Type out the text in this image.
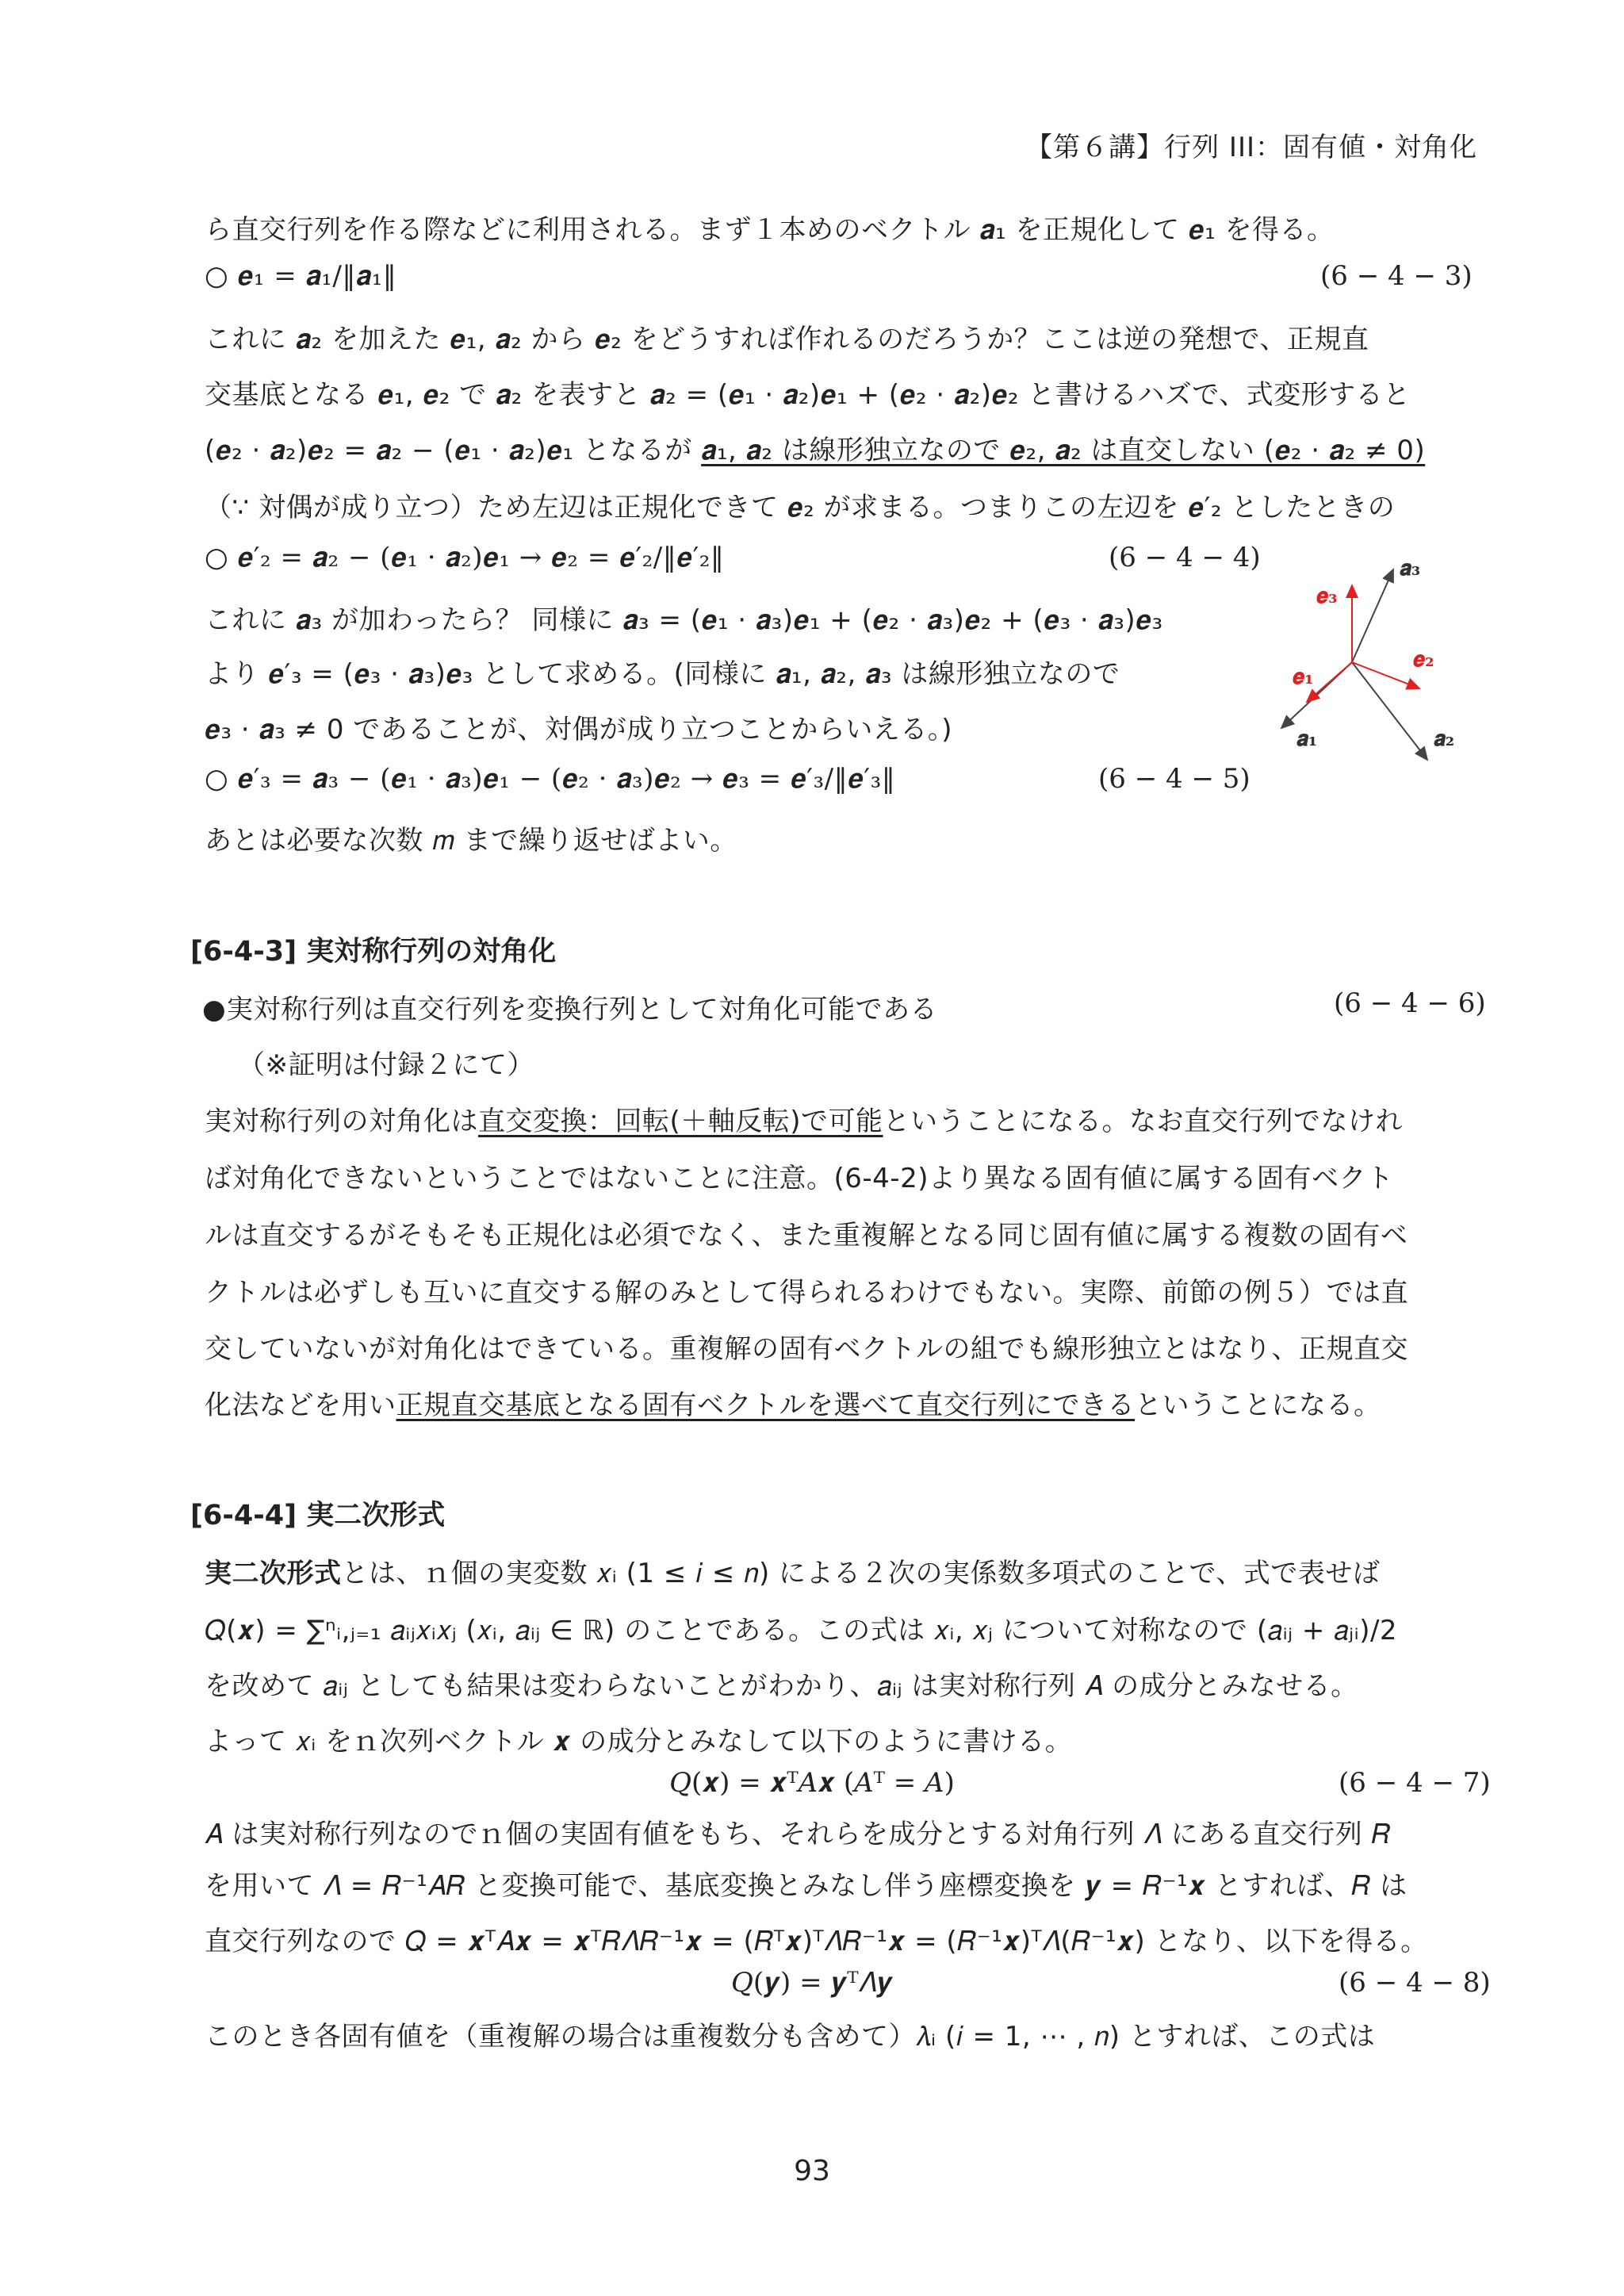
【第６講】行列 III：固有値・対角化
ら直交行列を作る際などに利用される。まず１本めのベクトル 𝒂₁ を正規化して 𝒆₁ を得る。
○ 𝒆₁ = 𝒂₁/‖𝒂₁‖	(6 − 4 − 3)
これに 𝒂₂ を加えた 𝒆₁, 𝒂₂ から 𝒆₂ をどうすれば作れるのだろうか？ここは逆の発想で、正規直
交基底となる 𝒆₁, 𝒆₂ で 𝒂₂ を表すと 𝒂₂ = (𝒆₁ · 𝒂₂)𝒆₁ + (𝒆₂ · 𝒂₂)𝒆₂ と書けるハズで、式変形すると
(𝒆₂ · 𝒂₂)𝒆₂ = 𝒂₂ − (𝒆₁ · 𝒂₂)𝒆₁ となるが 𝒂₁, 𝒂₂ は線形独立なので 𝒆₂, 𝒂₂ は直交しない (𝒆₂ · 𝒂₂ ≠ 0)
（∵ 対偶が成り立つ）ため左辺は正規化できて 𝒆₂ が求まる。つまりこの左辺を 𝒆′₂ としたときの
○ 𝒆′₂ = 𝒂₂ − (𝒆₁ · 𝒂₂)𝒆₁ → 𝒆₂ = 𝒆′₂/‖𝒆′₂‖	(6 − 4 − 4)
これに 𝒂₃ が加わったら？ 同様に 𝒂₃ = (𝒆₁ · 𝒂₃)𝒆₁ + (𝒆₂ · 𝒂₃)𝒆₂ + (𝒆₃ · 𝒂₃)𝒆₃
より 𝒆′₃ = (𝒆₃ · 𝒂₃)𝒆₃ として求める。(同様に 𝒂₁, 𝒂₂, 𝒂₃ は線形独立なので
𝒆₃ · 𝒂₃ ≠ 0 であることが、対偶が成り立つことからいえる。)
○ 𝒆′₃ = 𝒂₃ − (𝒆₁ · 𝒂₃)𝒆₁ − (𝒆₂ · 𝒂₃)𝒆₂ → 𝒆₃ = 𝒆′₃/‖𝒆′₃‖	(6 − 4 − 5)
あとは必要な次数 𝑚 まで繰り返せばよい。
𝒂₃
𝒆₃
𝒆₂
𝒆₁
𝒂₁	𝒂₂
[6-4-3] 実対称行列の対角化
●実対称行列は直交行列を変換行列として対角化可能である	(6 − 4 − 6)
（※証明は付録２にて）
実対称行列の対角化は直交変換：回転(＋軸反転)で可能ということになる。なお直交行列でなけれ
ば対角化できないということではないことに注意。(6-4-2)より異なる固有値に属する固有ベクト
ルは直交するがそもそも正規化は必須でなく、また重複解となる同じ固有値に属する複数の固有ベ
クトルは必ずしも互いに直交する解のみとして得られるわけでもない。実際、前節の例５）では直
交していないが対角化はできている。重複解の固有ベクトルの組でも線形独立とはなり、正規直交
化法などを用い正規直交基底となる固有ベクトルを選べて直交行列にできるということになる。
[6-4-4] 実二次形式
実二次形式とは、ｎ個の実変数 𝑥ᵢ (1 ≤ 𝑖 ≤ 𝑛) による２次の実係数多項式のことで、式で表せば
𝑄(𝒙) = ∑ⁿᵢ,ⱼ₌₁ 𝑎ᵢⱼ𝑥ᵢ𝑥ⱼ (𝑥ᵢ, 𝑎ᵢⱼ ∈ ℝ) のことである。この式は 𝑥ᵢ, 𝑥ⱼ について対称なので (𝑎ᵢⱼ + 𝑎ⱼᵢ)/2
を改めて 𝑎ᵢⱼ としても結果は変わらないことがわかり、𝑎ᵢⱼ は実対称行列 𝐴 の成分とみなせる。
よって 𝑥ᵢ をｎ次列ベクトル 𝒙 の成分とみなして以下のように書ける。
𝑄(𝒙) = 𝒙ᵀ𝐴𝒙 (𝐴ᵀ = 𝐴)	(6 − 4 − 7)
𝐴 は実対称行列なのでｎ個の実固有値をもち、それらを成分とする対角行列 𝛬 にある直交行列 𝑅
を用いて 𝛬 = 𝑅⁻¹𝐴𝑅 と変換可能で、基底変換とみなし伴う座標変換を 𝒚 = 𝑅⁻¹𝒙 とすれば、𝑅 は
直交行列なので 𝑄 = 𝒙ᵀ𝐴𝒙 = 𝒙ᵀ𝑅𝛬𝑅⁻¹𝒙 = (𝑅ᵀ𝒙)ᵀ𝛬𝑅⁻¹𝒙 = (𝑅⁻¹𝒙)ᵀ𝛬(𝑅⁻¹𝒙) となり、以下を得る。
𝑄(𝒚) = 𝒚ᵀ𝛬𝒚	(6 − 4 − 8)
このとき各固有値を（重複解の場合は重複数分も含めて）𝜆ᵢ (𝑖 = 1, ⋯ , 𝑛) とすれば、この式は
93
